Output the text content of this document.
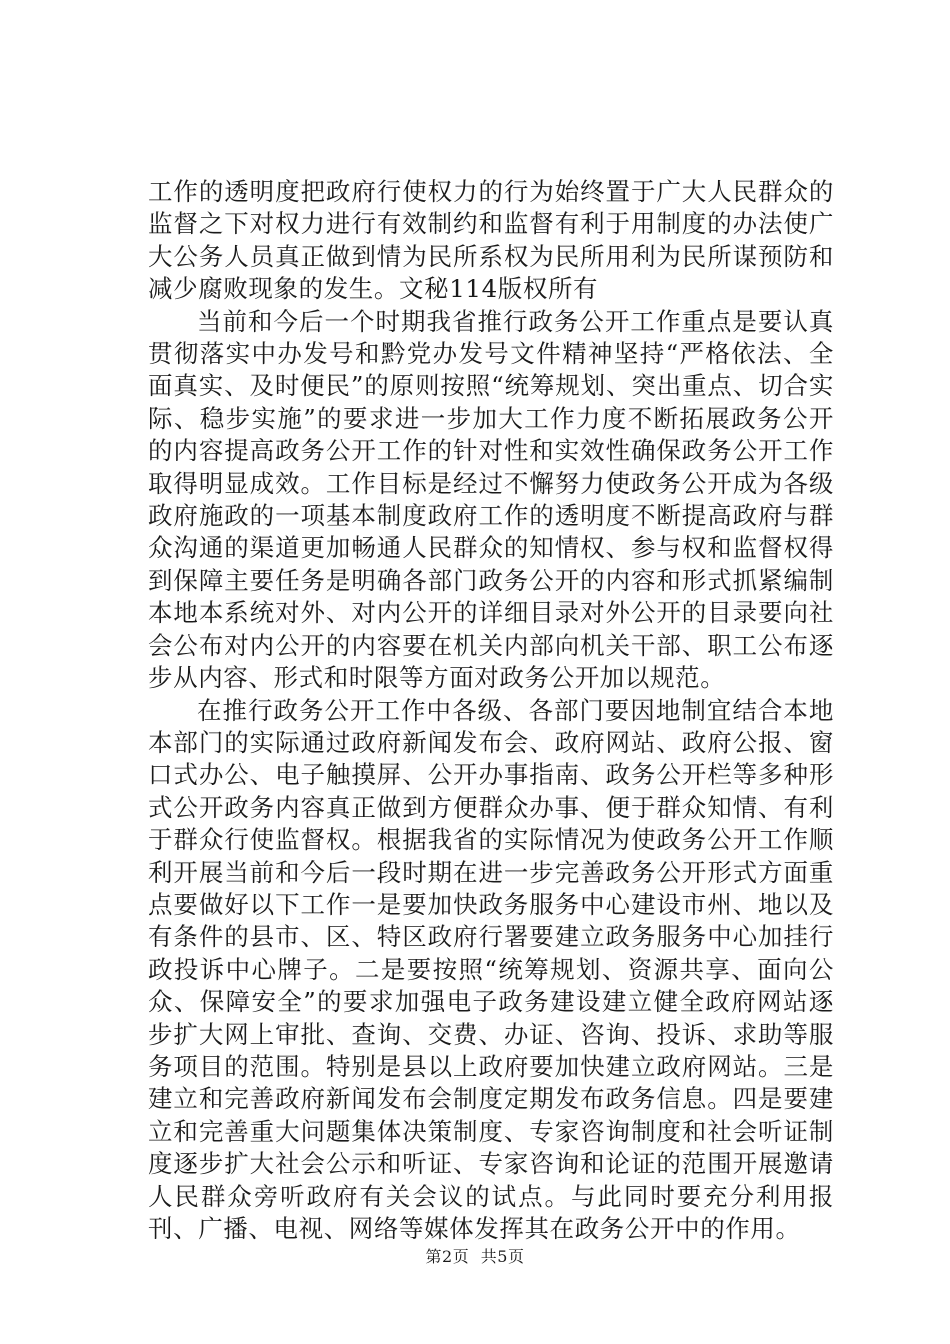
工作的透明度把政府行使权力的行为始终置于广大人民群众的监督之下对权力进行有效制约和监督有利于用制度的办法使广大公务人员真正做到情为民所系权为民所用利为民所谋预防和减少腐败现象的发生。文秘114版权所有

当前和今后一个时期我省推行政务公开工作重点是要认真贯彻落实中办发号和黔党办发号文件精神坚持“严格依法、全面真实、及时便民”的原则按照“统筹规划、突出重点、切合实际、稳步实施”的要求进一步加大工作力度不断拓展政务公开的内容提高政务公开工作的针对性和实效性确保政务公开工作取得明显成效。工作目标是经过不懈努力使政务公开成为各级政府施政的一项基本制度政府工作的透明度不断提高政府与群众沟通的渠道更加畅通人民群众的知情权、参与权和监督权得到保障主要任务是明确各部门政务公开的内容和形式抓紧编制本地本系统对外、对内公开的详细目录对外公开的目录要向社会公布对内公开的内容要在机关内部向机关干部、职工公布逐步从内容、形式和时限等方面对政务公开加以规范。

在推行政务公开工作中各级、各部门要因地制宜结合本地本部门的实际通过政府新闻发布会、政府网站、政府公报、窗口式办公、电子触摸屏、公开办事指南、政务公开栏等多种形式公开政务内容真正做到方便群众办事、便于群众知情、有利于群众行使监督权。根据我省的实际情况为使政务公开工作顺利开展当前和今后一段时期在进一步完善政务公开形式方面重点要做好以下工作一是要加快政务服务中心建设市州、地以及有条件的县市、区、特区政府行署要建立政务服务中心加挂行政投诉中心牌子。二是要按照“统筹规划、资源共享、面向公众、保障安全”的要求加强电子政务建设建立健全政府网站逐步扩大网上审批、查询、交费、办证、咨询、投诉、求助等服务项目的范围。特别是县以上政府要加快建立政府网站。三是建立和完善政府新闻发布会制度定期发布政务信息。四是要建立和完善重大问题集体决策制度、专家咨询制度和社会听证制度逐步扩大社会公示和听证、专家咨询和论证的范围开展邀请人民群众旁听政府有关会议的试点。与此同时要充分利用报刊、广播、电视、网络等媒体发挥其在政务公开中的作用。

第2页 共5页
